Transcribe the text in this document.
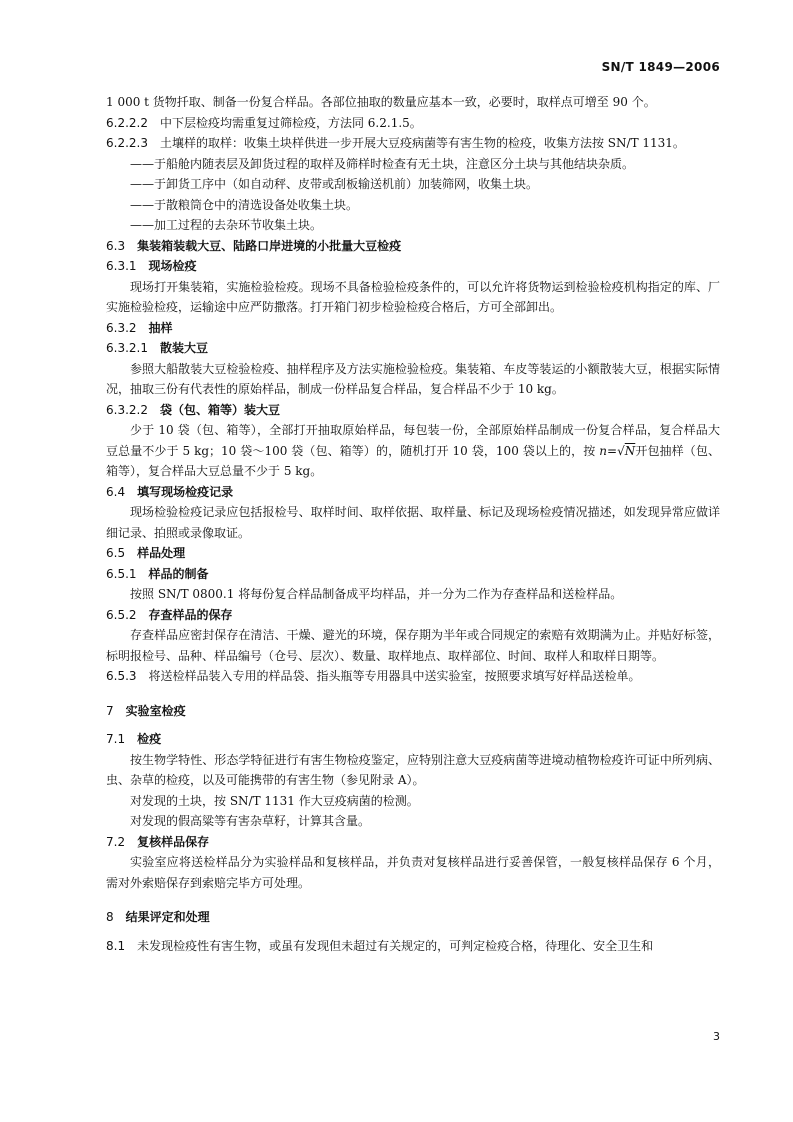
SN/T 1849—2006

1 000 t 货物扦取、制备一份复合样品。各部位抽取的数量应基本一致，必要时，取样点可增至 90 个。

6.2.2.2 中下层检疫均需重复过筛检疫，方法同 6.2.1.5。

6.2.2.3 土壤样的取样：收集土块样供进一步开展大豆疫病菌等有害生物的检疫，收集方法按 SN/T 1131。

——于船舱内随表层及卸货过程的取样及筛样时检查有无土块，注意区分土块与其他结块杂质。

——于卸货工序中（如自动秤、皮带或刮板输送机前）加装筛网，收集土块。

——于散粮筒仓中的清选设备处收集土块。

——加工过程的去杂环节收集土块。

6.3 集装箱装载大豆、陆路口岸进境的小批量大豆检疫

6.3.1 现场检疫

现场打开集装箱，实施检验检疫。现场不具备检验检疫条件的，可以允许将货物运到检验检疫机构指定的库、厂实施检验检疫，运输途中应严防撒落。打开箱门初步检验检疫合格后，方可全部卸出。

6.3.2 抽样

6.3.2.1 散装大豆

参照大船散装大豆检验检疫、抽样程序及方法实施检验检疫。集装箱、车皮等装运的小额散装大豆，根据实际情况，抽取三份有代表性的原始样品，制成一份样品复合样品，复合样品不少于 10 kg。

6.3.2.2 袋（包、箱等）装大豆

少于 10 袋（包、箱等），全部打开抽取原始样品，每包装一份，全部原始样品制成一份复合样品，复合样品大豆总量不少于 5 kg；10 袋～100 袋（包、箱等）的，随机打开 10 袋，100 袋以上的，按 n=√N开包抽样（包、箱等），复合样品大豆总量不少于 5 kg。

6.4 填写现场检疫记录

现场检验检疫记录应包括报检号、取样时间、取样依据、取样量、标记及现场检疫情况描述，如发现异常应做详细记录、拍照或录像取证。

6.5 样品处理

6.5.1 样品的制备

按照 SN/T 0800.1 将每份复合样品制备成平均样品，并一分为二作为存查样品和送检样品。

6.5.2 存查样品的保存

存查样品应密封保存在清洁、干燥、避光的环境，保存期为半年或合同规定的索赔有效期满为止。并贴好标签，标明报检号、品种、样品编号（仓号、层次）、数量、取样地点、取样部位、时间、取样人和取样日期等。

6.5.3 将送检样品装入专用的样品袋、指头瓶等专用器具中送实验室，按照要求填写好样品送检单。

7 实验室检疫

7.1 检疫

按生物学特性、形态学特征进行有害生物检疫鉴定，应特别注意大豆疫病菌等进境动植物检疫许可证中所列病、虫、杂草的检疫，以及可能携带的有害生物（参见附录 A）。

对发现的土块，按 SN/T 1131 作大豆疫病菌的检测。

对发现的假高粱等有害杂草籽，计算其含量。

7.2 复核样品保存

实验室应将送检样品分为实验样品和复核样品，并负责对复核样品进行妥善保管，一般复核样品保存 6 个月，需对外索赔保存到索赔完毕方可处理。

8 结果评定和处理

8.1 未发现检疫性有害生物，或虽有发现但未超过有关规定的，可判定检疫合格，待理化、安全卫生和

3
